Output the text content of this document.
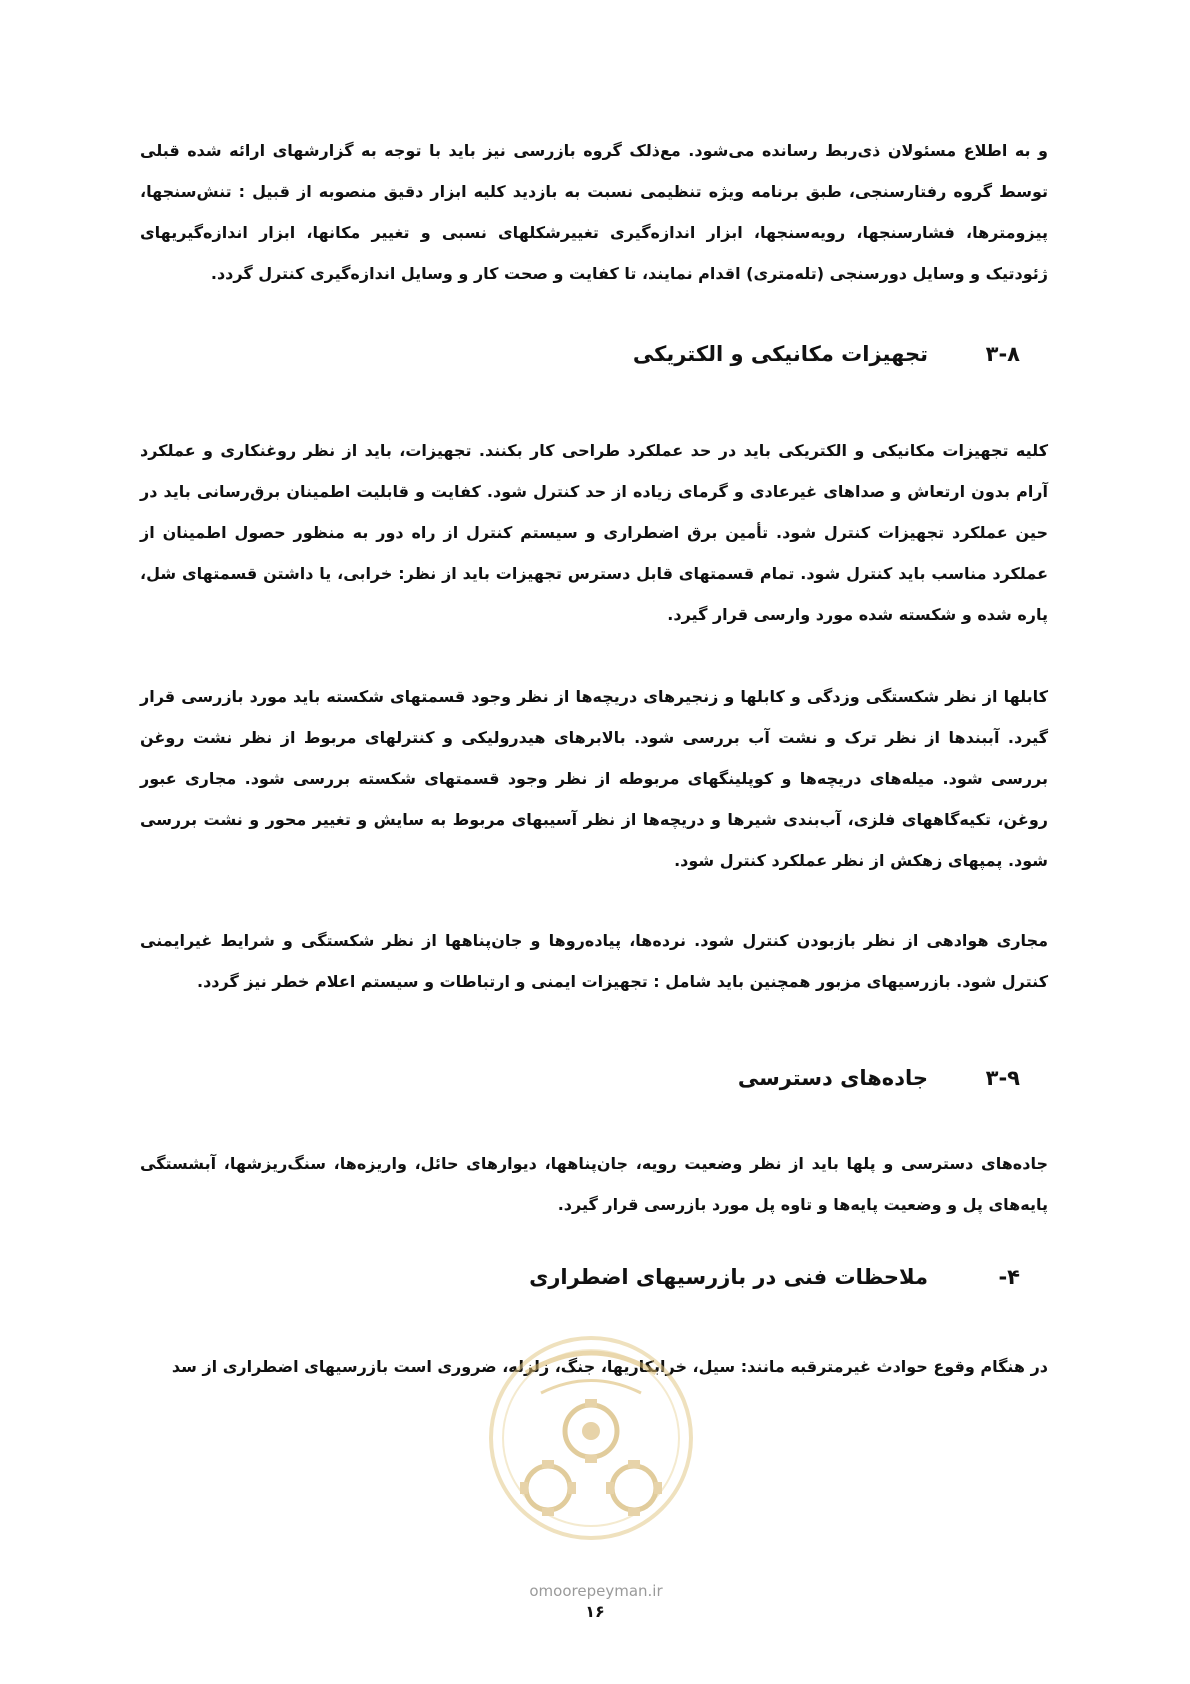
و به اطلاع مسئولان ذی‌ربط رسانده می‌شود. مع‌ذلک گروه بازرسی نیز باید با توجه به گزارشهای ارائه شده قبلی توسط گروه رفتارسنجی، طبق برنامه ویژه تنظیمی نسبت به بازدید کلیه ابزار دقیق منصوبه از قبیل : تنش‌سنجها، پیزومترها، فشارسنجها، رویه‌سنجها، ابزار اندازه‌گیری تغییرشکلهای نسبی و تغییر مکانها، ابزار اندازه‌گیریهای ژئودتیک و وسایل دورسنجی (تله‌متری) اقدام نمایند، تا کفایت و صحت کار و وسایل اندازه‌گیری کنترل گردد.

۳-۸
تجهیزات مکانیکی و الکتریکی

کلیه تجهیزات مکانیکی و الکتریکی باید در حد عملکرد طراحی کار بکنند. تجهیزات، باید از نظر روغنکاری و عملکرد آرام بدون ارتعاش و صداهای غیرعادی و گرمای زیاده از حد کنترل شود. کفایت و قابلیت اطمینان برق‌رسانی باید در حین عملکرد تجهیزات کنترل شود. تأمین برق اضطراری و سیستم کنترل از راه دور به منظور حصول اطمینان از عملکرد مناسب باید کنترل شود. تمام قسمتهای قابل دسترس تجهیزات باید از نظر: خرابی، یا داشتن قسمتهای شل، پاره شده و شکسته شده مورد وارسی قرار گیرد.

کابلها از نظر شکستگی وزدگی و کابلها و زنجیرهای دریچه‌ها از نظر وجود قسمتهای شکسته باید مورد بازرسی قرار گیرد. آببندها از نظر ترک و نشت آب بررسی شود. بالابرهای هیدرولیکی و کنترلهای مربوط از نظر نشت روغن بررسی شود. میله‌های دریچه‌ها و کوپلینگهای مربوطه از نظر وجود قسمتهای شکسته بررسی شود. مجاری عبور روغن، تکیه‌گاههای فلزی، آب‌بندی شیرها و دریچه‌ها از نظر آسیبهای مربوط به سایش و تغییر محور و نشت بررسی شود. پمپهای زهکش از نظر عملکرد کنترل شود.

مجاری هوادهی از نظر بازبودن کنترل شود. نرده‌ها، پیاده‌روها و جان‌پناهها از نظر شکستگی و شرایط غیرایمنی کنترل شود. بازرسیهای مزبور همچنین باید شامل : تجهیزات ایمنی و ارتباطات و سیستم اعلام خطر نیز گردد.

۳-۹
جاده‌های دسترسی

جاده‌های دسترسی و پلها باید از نظر وضعیت رویه، جان‌پناهها، دیوارهای حائل، واریزه‌ها، سنگ‌ریزشها، آبشستگی پایه‌های پل و وضعیت پایه‌ها و تاوه پل مورد بازرسی قرار گیرد.

۴-
ملاحظات فنی در بازرسیهای اضطراری

در هنگام وقوع حوادث غیرمترقبه مانند: سیل، خرابکاریها، جنگ، زلزله، ضروری است بازرسیهای اضطراری از سد

omoorepeyman.ir
۱۶
